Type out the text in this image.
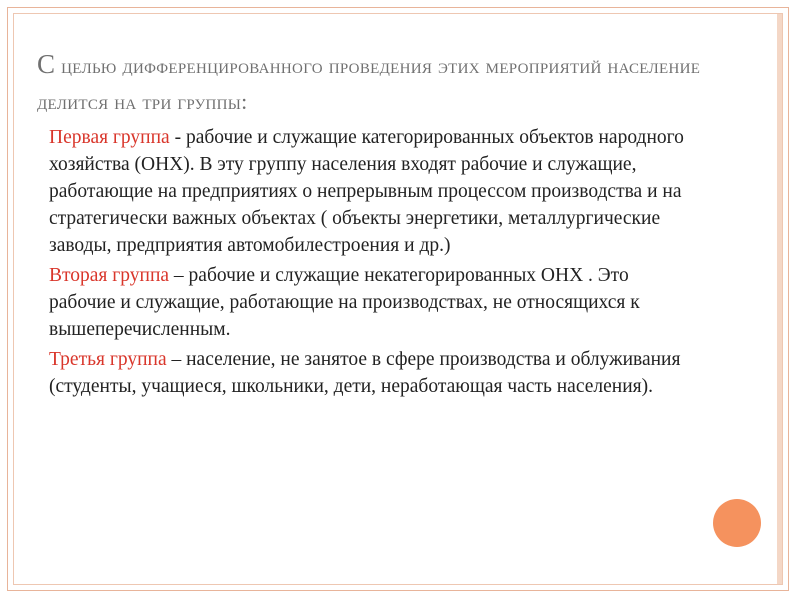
С целью дифференцированного проведения этих мероприятий население делится на три группы:

Первая группа - рабочие и служащие категорированных объектов народного хозяйства (ОНХ). В эту группу населения входят рабочие и служащие, работающие на предприятиях о непрерывным процессом производства и на стратегически важных объектах ( объекты энергетики, металлургические заводы, предприятия автомобилестроения и др.)

Вторая группа – рабочие и служащие некатегорированных ОНХ . Это рабочие и служащие, работающие на производствах, не относящихся к вышеперечисленным.

Третья группа – население, не занятое в сфере производства и облуживания (студенты, учащиеся, школьники, дети, неработающая часть населения).
